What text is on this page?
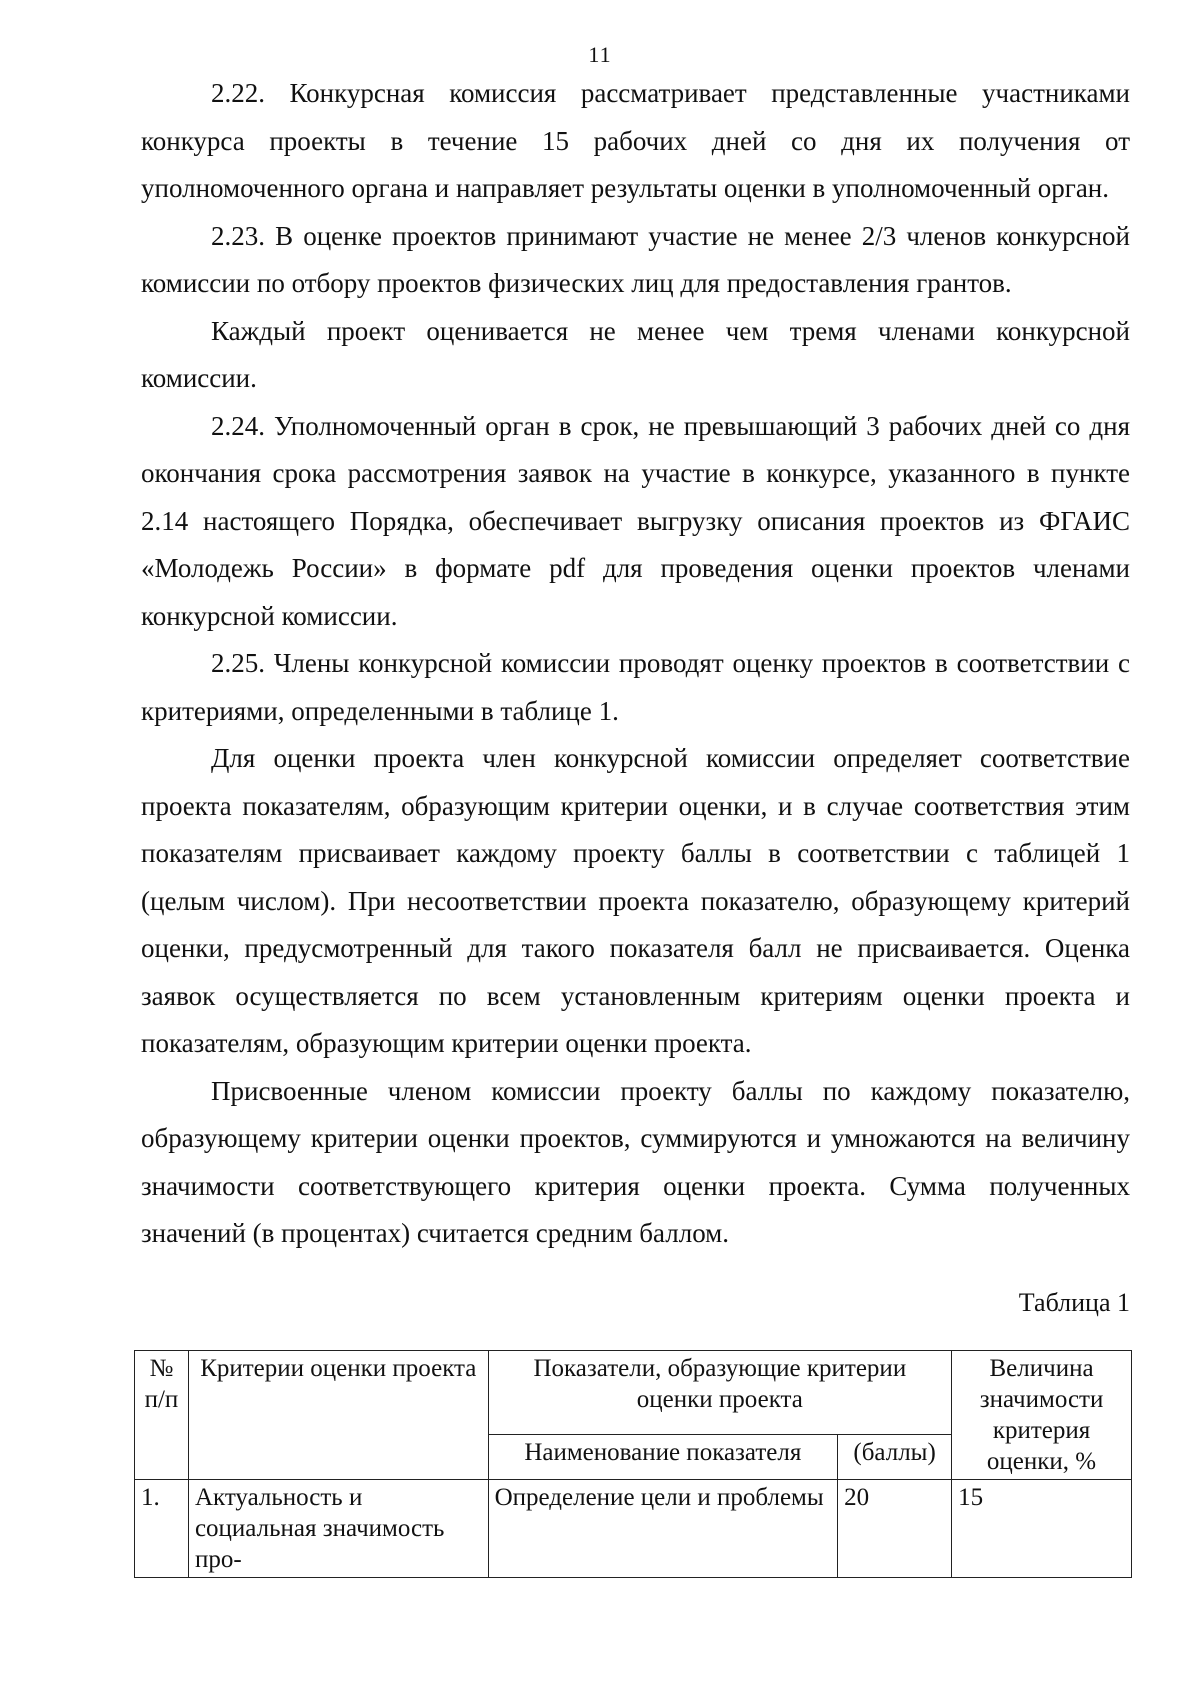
11

2.22. Конкурсная комиссия рассматривает представленные участниками конкурса проекты в течение 15 рабочих дней со дня их получения от уполномоченного органа и направляет результаты оценки в уполномоченный орган.

2.23. В оценке проектов принимают участие не менее 2/3 членов конкурсной комиссии по отбору проектов физических лиц для предоставления грантов.

Каждый проект оценивается не менее чем тремя членами конкурсной комиссии.

2.24. Уполномоченный орган в срок, не превышающий 3 рабочих дней со дня окончания срока рассмотрения заявок на участие в конкурсе, указанного в пункте 2.14 настоящего Порядка, обеспечивает выгрузку описания проектов из ФГАИС «Молодежь России» в формате pdf для проведения оценки проектов членами конкурсной комиссии.

2.25. Члены конкурсной комиссии проводят оценку проектов в соответствии с критериями, определенными в таблице 1.

Для оценки проекта член конкурсной комиссии определяет соответствие проекта показателям, образующим критерии оценки, и в случае соответствия этим показателям присваивает каждому проекту баллы в соответствии с таблицей 1 (целым числом). При несоответствии проекта показателю, образующему критерий оценки, предусмотренный для такого показателя балл не присваивается. Оценка заявок осуществляется по всем установленным критериям оценки проекта и показателям, образующим критерии оценки проекта.

Присвоенные членом комиссии проекту баллы по каждому показателю, образующему критерии оценки проектов, суммируются и умножаются на величину значимости соответствующего критерия оценки проекта. Сумма полученных значений (в процентах) считается средним баллом.

Таблица 1
№ п/п	Критерии оценки проекта	Показатели, образующие критерии оценки проекта		Величина значимости критерия оценки, %
		Наименование показателя	(баллы)	
1.	Актуальность и социальная значимость про-	Определение цели и проблемы	20	15
